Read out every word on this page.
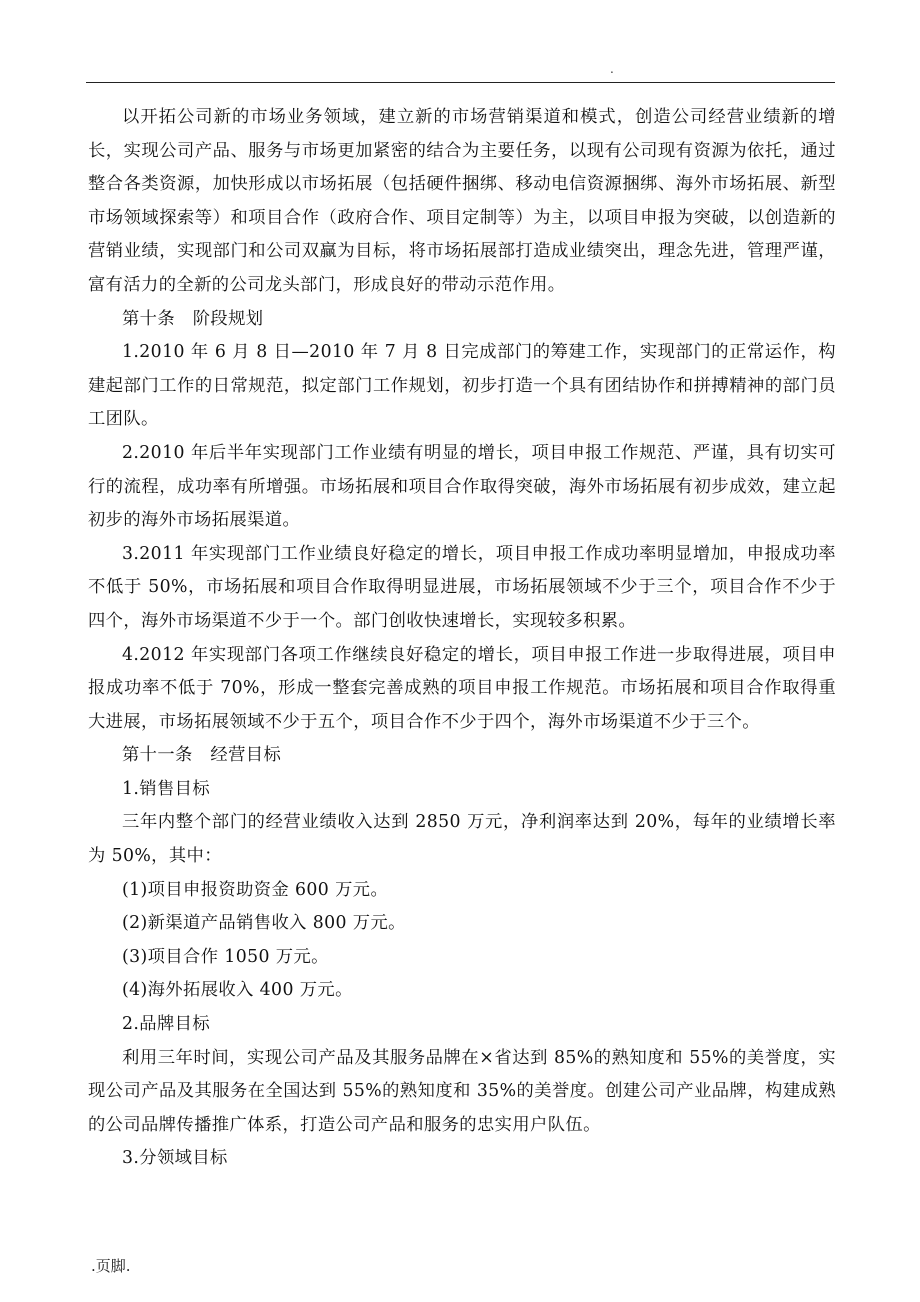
.

以开拓公司新的市场业务领域，建立新的市场营销渠道和模式，创造公司经营业绩新的增长，实现公司产品、服务与市场更加紧密的结合为主要任务，以现有公司现有资源为依托，通过整合各类资源，加快形成以市场拓展（包括硬件捆绑、移动电信资源捆绑、海外市场拓展、新型市场领域探索等）和项目合作（政府合作、项目定制等）为主，以项目申报为突破，以创造新的营销业绩，实现部门和公司双赢为目标，将市场拓展部打造成业绩突出，理念先进，管理严谨，富有活力的全新的公司龙头部门，形成良好的带动示范作用。

第十条　阶段规划

1.2010 年 6 月 8 日—2010 年 7 月 8 日完成部门的筹建工作，实现部门的正常运作，构建起部门工作的日常规范，拟定部门工作规划，初步打造一个具有团结协作和拼搏精神的部门员工团队。

2.2010 年后半年实现部门工作业绩有明显的增长，项目申报工作规范、严谨，具有切实可行的流程，成功率有所增强。市场拓展和项目合作取得突破，海外市场拓展有初步成效，建立起初步的海外市场拓展渠道。

3.2011 年实现部门工作业绩良好稳定的增长，项目申报工作成功率明显增加，申报成功率不低于 50%，市场拓展和项目合作取得明显进展，市场拓展领域不少于三个，项目合作不少于四个，海外市场渠道不少于一个。部门创收快速增长，实现较多积累。

4.2012 年实现部门各项工作继续良好稳定的增长，项目申报工作进一步取得进展，项目申报成功率不低于 70%，形成一整套完善成熟的项目申报工作规范。市场拓展和项目合作取得重大进展，市场拓展领域不少于五个，项目合作不少于四个，海外市场渠道不少于三个。

第十一条　经营目标

1.销售目标

三年内整个部门的经营业绩收入达到 2850 万元，净利润率达到 20%，每年的业绩增长率为 50%，其中：

(1)项目申报资助资金 600 万元。

(2)新渠道产品销售收入 800 万元。

(3)项目合作 1050 万元。

(4)海外拓展收入 400 万元。

2.品牌目标

利用三年时间，实现公司产品及其服务品牌在×省达到 85%的熟知度和 55%的美誉度，实现公司产品及其服务在全国达到 55%的熟知度和 35%的美誉度。创建公司产业品牌，构建成熟的公司品牌传播推广体系，打造公司产品和服务的忠实用户队伍。

3.分领域目标

.页脚.
